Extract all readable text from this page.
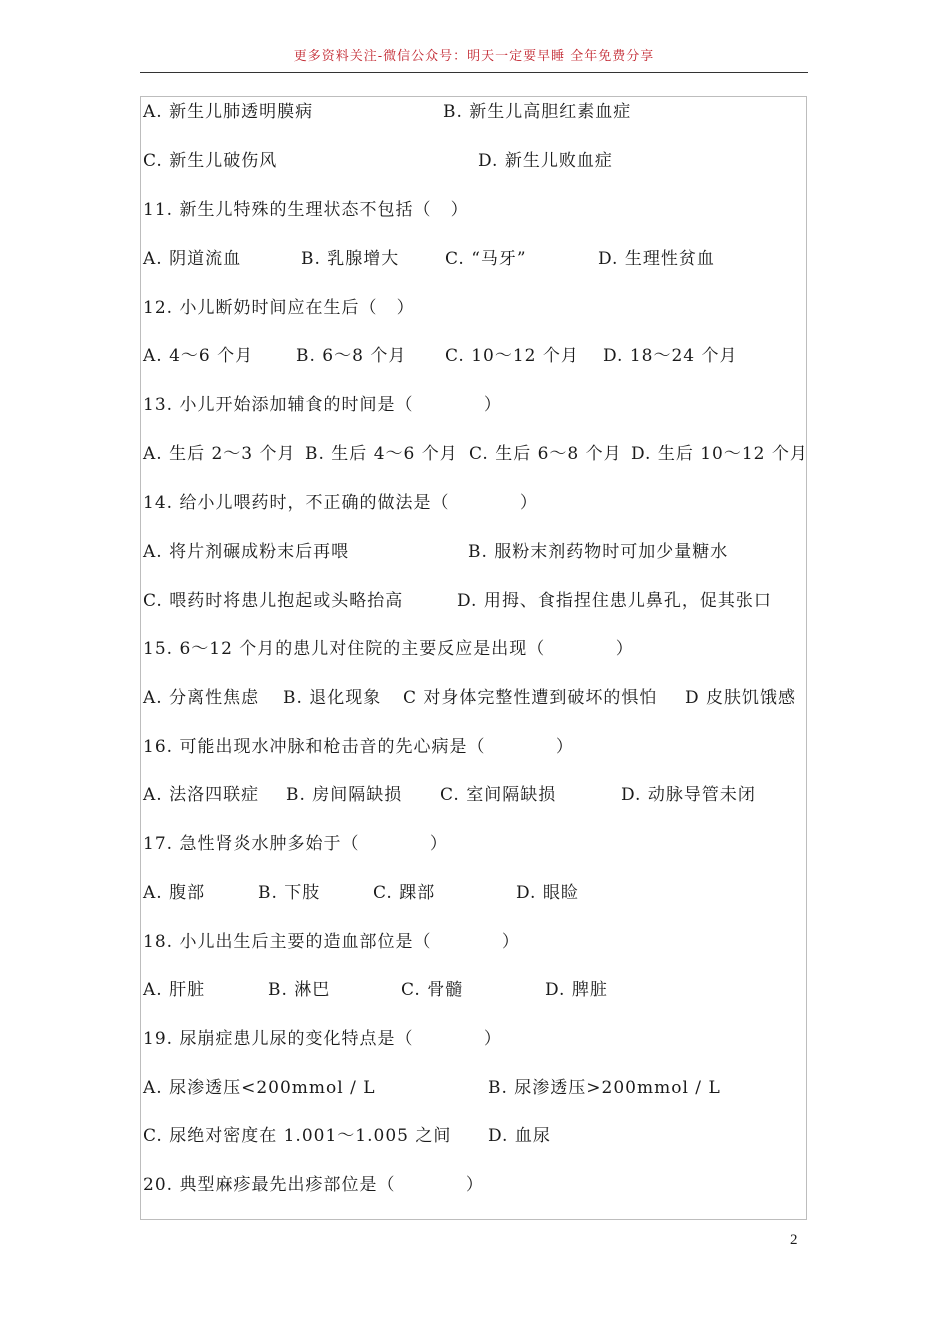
更多资料关注-微信公众号：明天一定要早睡 全年免费分享

A. 新生儿肺透明膜病

	B. 新生儿高胆红素血症

C. 新生儿破伤风

	D. 新生儿败血症

11. 新生儿特殊的生理状态不包括（   ）

A. 阴道流血

	B. 乳腺增大

	C. “马牙”

	D. 生理性贫血

12. 小儿断奶时间应在生后（   ）

A. 4～6 个月

	B. 6～8 个月

C. 10～12 个月

D. 18～24 个月

13. 小儿开始添加辅食的时间是（           ）

A. 生后 2～3 个月

B. 生后 4～6 个月

C. 生后 6～8 个月

D. 生后 10～12 个月

14. 给小儿喂药时，不正确的做法是（           ）

A. 将片剂碾成粉末后再喂

	B. 服粉末剂药物时可加少量糖水

C. 喂药时将患儿抱起或头略抬高

	D. 用拇、食指捏住患儿鼻孔，促其张口

15. 6～12 个月的患儿对住院的主要反应是出现（           ）

A. 分离性焦虑

B. 退化现象

C 对身体完整性遭到破坏的惧怕

D 皮肤饥饿感

16. 可能出现水冲脉和枪击音的先心病是（           ）

A. 法洛四联症

B. 房间隔缺损

C. 室间隔缺损

	D. 动脉导管未闭

17. 急性肾炎水肿多始于（           ）

A. 腹部

	B. 下肢

	C. 踝部

	D. 眼睑

18. 小儿出生后主要的造血部位是（           ）

A. 肝脏

	B. 淋巴

	C. 骨髓

	D. 脾脏

19. 尿崩症患儿尿的变化特点是（           ）

A. 尿渗透压<200mmol / L

	B. 尿渗透压>200mmol / L

C. 尿绝对密度在 1.001～1.005 之间

D. 血尿

20. 典型麻疹最先出疹部位是（           ）
2
